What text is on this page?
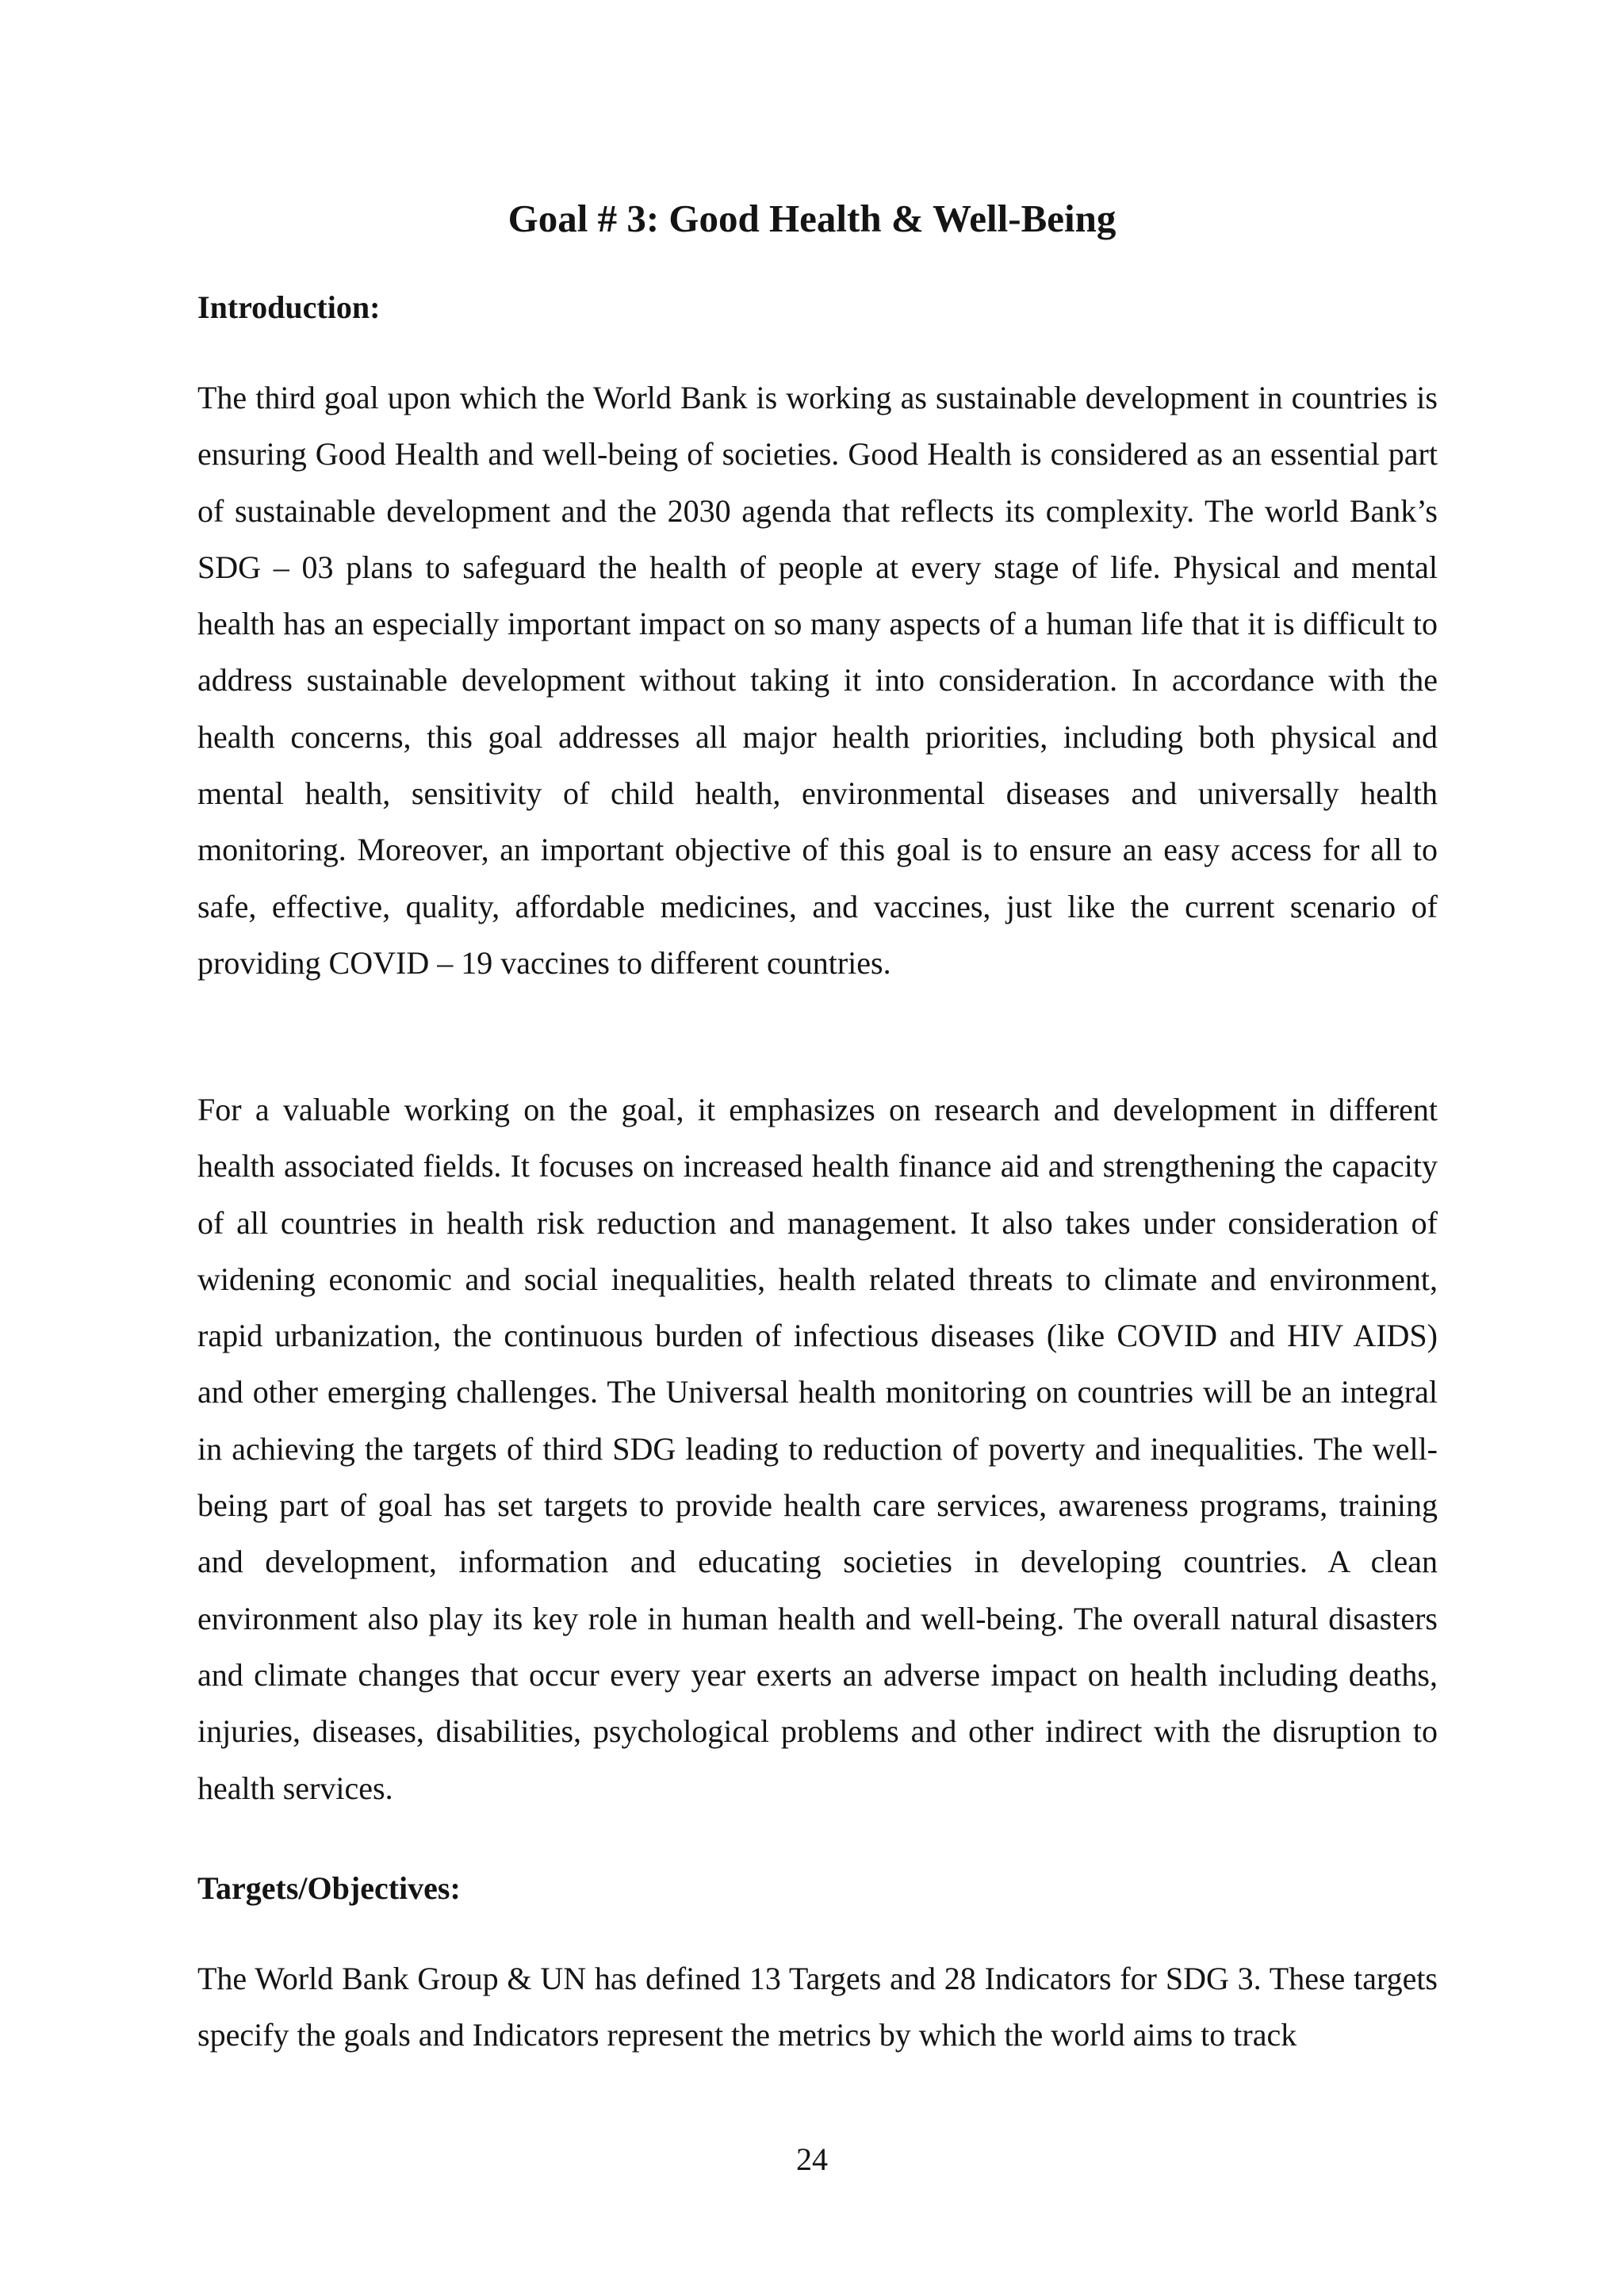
Goal # 3: Good Health & Well-Being
Introduction:

The third goal upon which the World Bank is working as sustainable development in countries is ensuring Good Health and well-being of societies. Good Health is considered as an essential part of sustainable development and the 2030 agenda that reflects its complexity. The world Bank’s SDG – 03 plans to safeguard the health of people at every stage of life. Physical and mental health has an especially important impact on so many aspects of a human life that it is difficult to address sustainable development without taking it into consideration. In accordance with the health concerns, this goal addresses all major health priorities, including both physical and mental health, sensitivity of child health, environmental diseases and universally health monitoring. Moreover, an important objective of this goal is to ensure an easy access for all to safe, effective, quality, affordable medicines, and vaccines, just like the current scenario of providing COVID – 19 vaccines to different countries.

For a valuable working on the goal, it emphasizes on research and development in different health associated fields. It focuses on increased health finance aid and strengthening the capacity of all countries in health risk reduction and management. It also takes under consideration of widening economic and social inequalities, health related threats to climate and environment, rapid urbanization, the continuous burden of infectious diseases (like COVID and HIV AIDS) and other emerging challenges. The Universal health monitoring on countries will be an integral in achieving the targets of third SDG leading to reduction of poverty and inequalities. The well-being part of goal has set targets to provide health care services, awareness programs, training and development, information and educating societies in developing countries. A clean environment also play its key role in human health and well-being. The overall natural disasters and climate changes that occur every year exerts an adverse impact on health including deaths, injuries, diseases, disabilities, psychological problems and other indirect with the disruption to health services.

Targets/Objectives:

The World Bank Group & UN has defined 13 Targets and 28 Indicators for SDG 3. These targets specify the goals and Indicators represent the metrics by which the world aims to track

24
